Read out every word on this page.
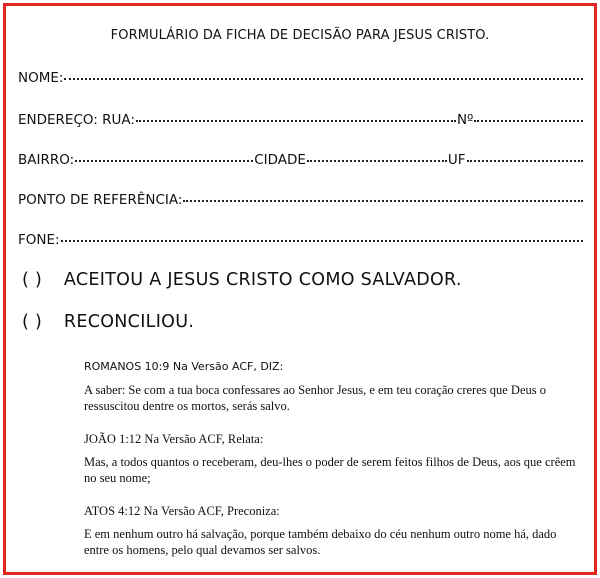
FORMULÁRIO DA FICHA DE DECISÃO PARA JESUS CRISTO.
NOME:
ENDEREÇO: RUA:	Nº
BAIRRO:	CIDADE	UF
PONTO DE REFERÊNCIA:
FONE:
( ) ACEITOU A JESUS CRISTO COMO SALVADOR.
( ) RECONCILIOU.
ROMANOS 10:9 Na Versão ACF, DIZ:
A saber: Se com a tua boca confessares ao Senhor Jesus, e em teu coração creres que Deus o ressuscitou dentre os mortos, serás salvo.
JOÃO 1:12 Na Versão ACF, Relata:
Mas, a todos quantos o receberam, deu-lhes o poder de serem feitos filhos de Deus, aos que crêem no seu nome;
ATOS 4:12 Na Versão ACF, Preconiza:
E em nenhum outro há salvação, porque também debaixo do céu nenhum outro nome há, dado entre os homens, pelo qual devamos ser salvos.
